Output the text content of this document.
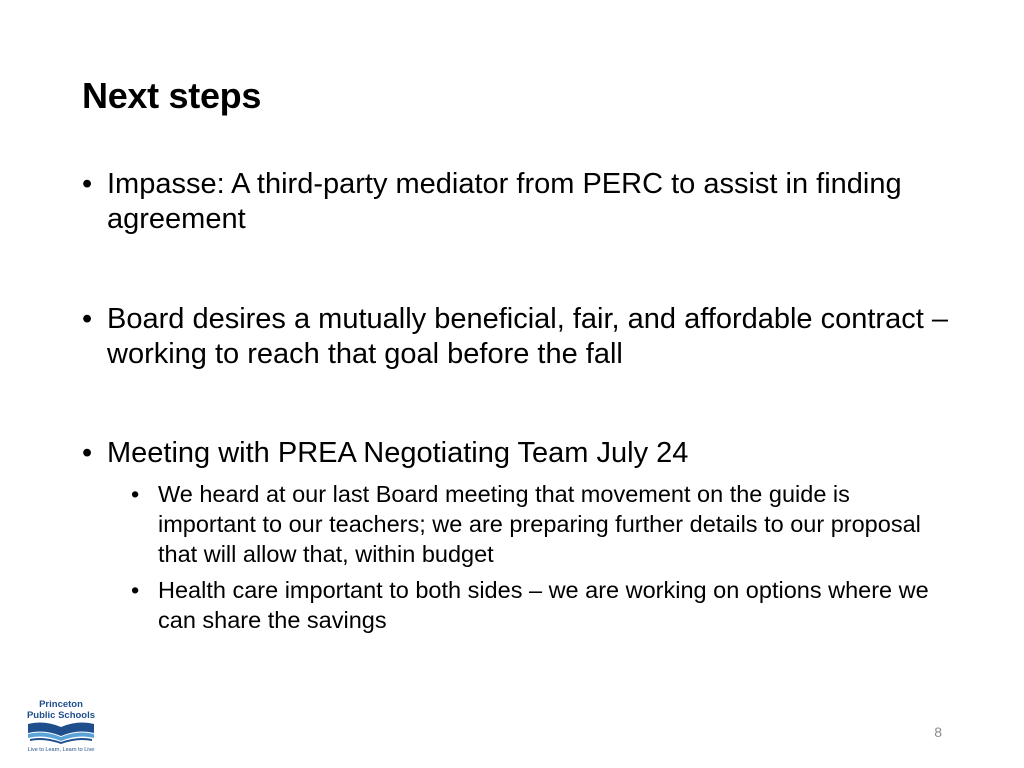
Next steps
• Impasse: A third-party mediator from PERC to assist in finding agreement
• Board desires a mutually beneficial, fair, and affordable contract – working to reach that goal before the fall
• Meeting with PREA Negotiating Team July 24
• We heard at our last Board meeting that movement on the guide is important to our teachers; we are preparing further details to our proposal that will allow that, within budget
• Health care important to both sides – we are working on options where we can share the savings
Princeton
Public Schools
Live to Learn, Learn to Live
8
